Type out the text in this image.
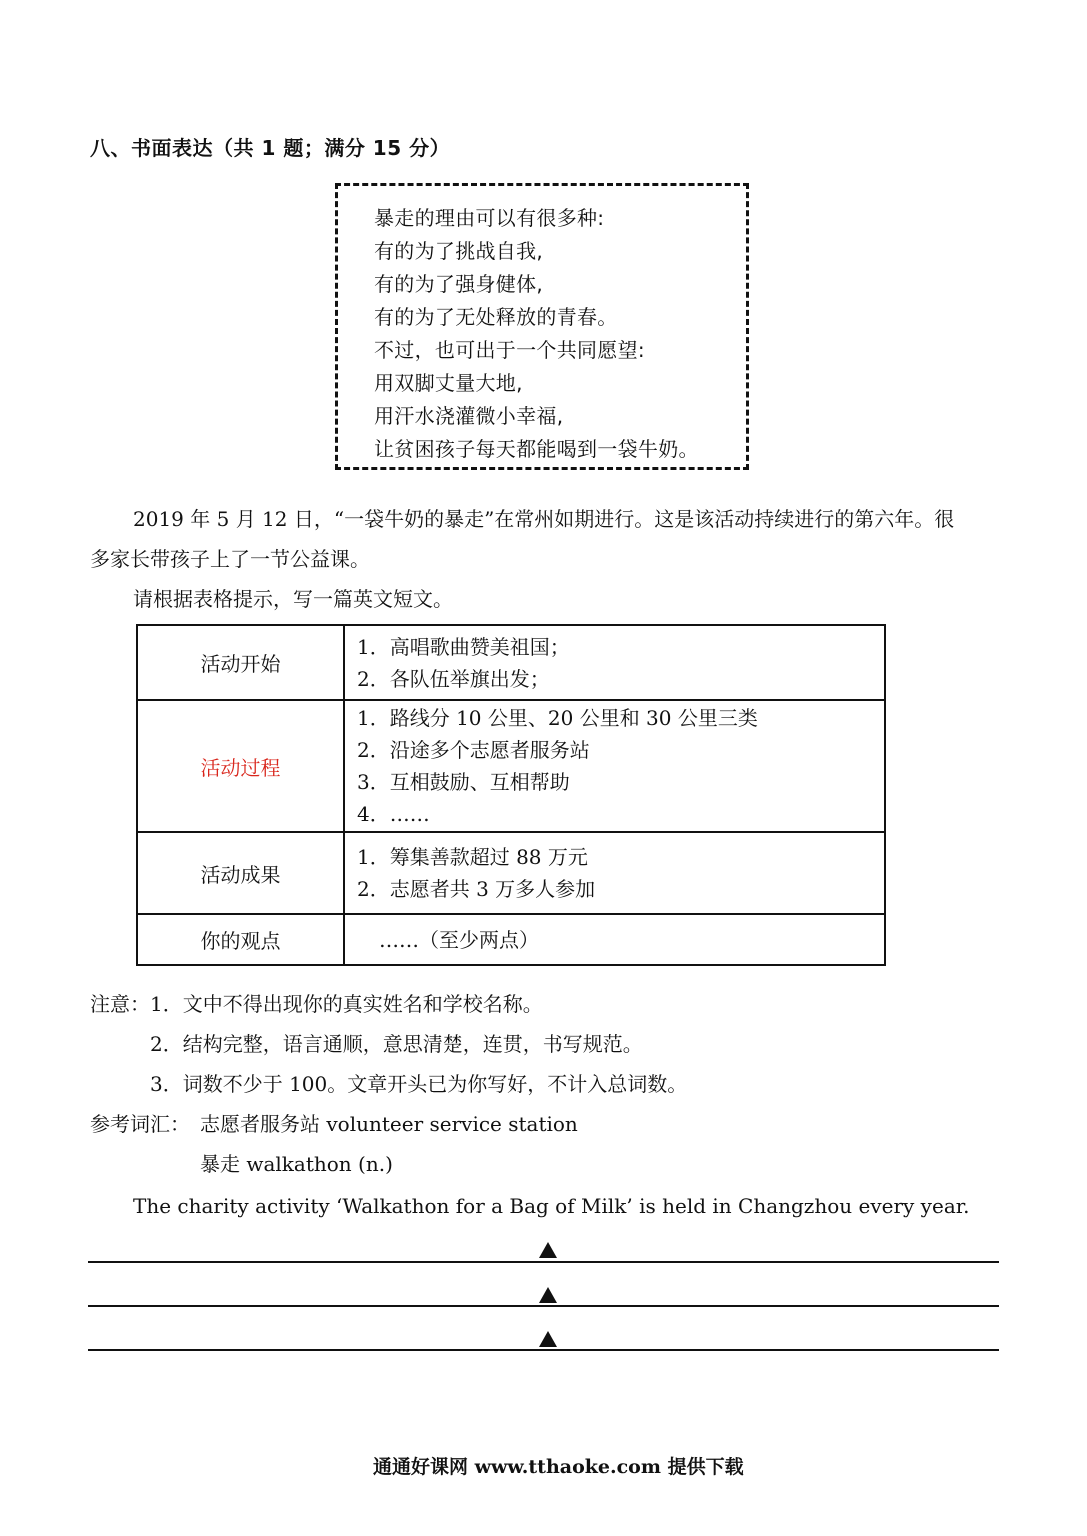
八、书面表达（共 1 题；满分 15 分）
暴走的理由可以有很多种:
有的为了挑战自我,
有的为了强身健体,
有的为了无处释放的青春。
不过，也可出于一个共同愿望:
用双脚丈量大地,
用汗水浇灌微小幸福,
让贫困孩子每天都能喝到一袋牛奶。
2019 年 5 月 12 日，“一袋牛奶的暴走”在常州如期进行。这是该活动持续进行的第六年。很
多家长带孩子上了一节公益课。
请根据表格提示，写一篇英文短文。
活动开始	1．高唱歌曲赞美祖国；
2．各队伍举旗出发；

活动过程	1．路线分 10 公里、20 公里和 30 公里三类
2．沿途多个志愿者服务站
3．互相鼓励、互相帮助
4．……

活动成果	1．筹集善款超过 88 万元
2．志愿者共 3 万多人参加

你的观点	……（至少两点）
注意： 1．文中不得出现你的真实姓名和学校名称。
2．结构完整，语言通顺，意思清楚，连贯，书写规范。
3．词数不少于 100。文章开头已为你写好，不计入总词数。
参考词汇： 志愿者服务站 volunteer service station
暴走 walkathon (n.)
The charity activity ‘Walkathon for a Bag of Milk’ is held in Changzhou every year.
通通好课网 www.tthaoke.com 提供下载
